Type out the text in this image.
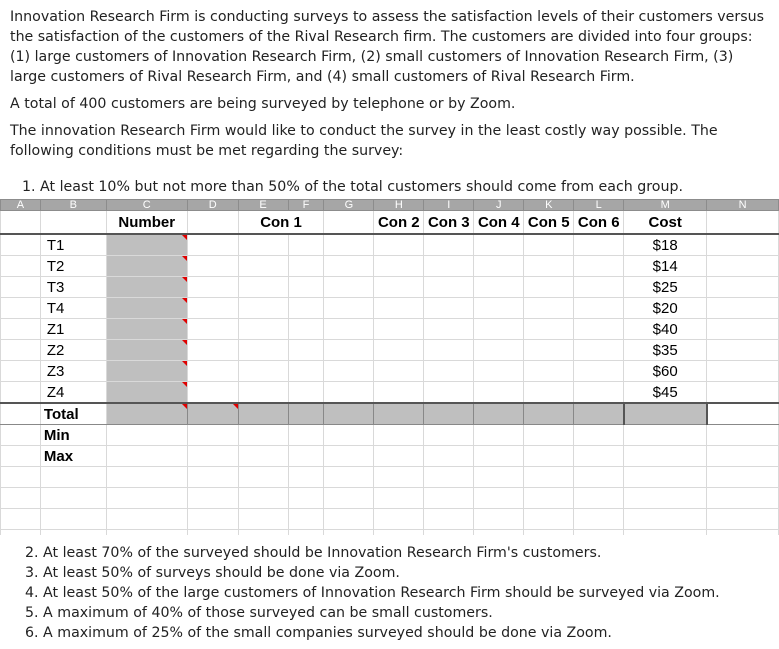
Innovation Research Firm is conducting surveys to assess the satisfaction levels of their customers versus the satisfaction of the customers of the Rival Research firm. The customers are divided into four groups: (1) large customers of Innovation Research Firm, (2) small customers of Innovation Research Firm, (3) large customers of Rival Research Firm, and (4) small customers of Rival Research Firm.

A total of 400 customers are being surveyed by telephone or by Zoom.

The innovation Research Firm would like to conduct the survey in the least costly way possible. The following conditions must be met regarding the survey:

1. At least 10% but not more than 50% of the total customers should come from each group.
A	B	C	D	E	F	G	H	I	J	K	L	M	N
		Number		Con 1			Con 2	Con 3	Con 4	Con 5	Con 6	Cost	
	T1											$18	
	T2											$14	
	T3											$25	
	T4											$20	
	Z1											$40	
	Z2											$35	
	Z3											$60	
	Z4											$45	
	Total	

	Min												
	Max												

2. At least 70% of the surveyed should be Innovation Research Firm's customers.
3. At least 50% of surveys should be done via Zoom.
4. At least 50% of the large customers of Innovation Research Firm should be surveyed via Zoom.
5. A maximum of 40% of those surveyed can be small customers.
6. A maximum of 25% of the small companies surveyed should be done via Zoom.
